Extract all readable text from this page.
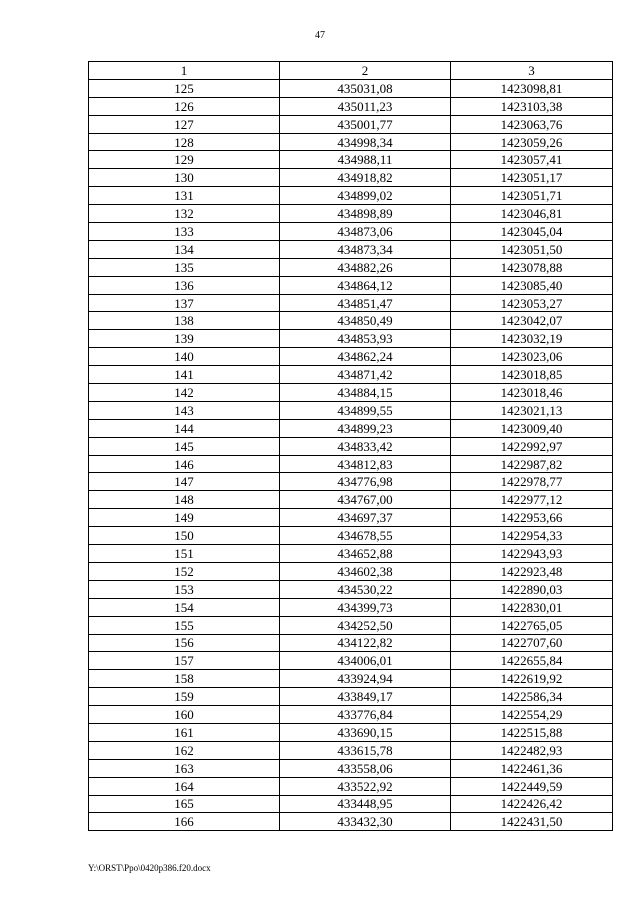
47
1	2	3
125	435031,08	1423098,81
126	435011,23	1423103,38
127	435001,77	1423063,76
128	434998,34	1423059,26
129	434988,11	1423057,41
130	434918,82	1423051,17
131	434899,02	1423051,71
132	434898,89	1423046,81
133	434873,06	1423045,04
134	434873,34	1423051,50
135	434882,26	1423078,88
136	434864,12	1423085,40
137	434851,47	1423053,27
138	434850,49	1423042,07
139	434853,93	1423032,19
140	434862,24	1423023,06
141	434871,42	1423018,85
142	434884,15	1423018,46
143	434899,55	1423021,13
144	434899,23	1423009,40
145	434833,42	1422992,97
146	434812,83	1422987,82
147	434776,98	1422978,77
148	434767,00	1422977,12
149	434697,37	1422953,66
150	434678,55	1422954,33
151	434652,88	1422943,93
152	434602,38	1422923,48
153	434530,22	1422890,03
154	434399,73	1422830,01
155	434252,50	1422765,05
156	434122,82	1422707,60
157	434006,01	1422655,84
158	433924,94	1422619,92
159	433849,17	1422586,34
160	433776,84	1422554,29
161	433690,15	1422515,88
162	433615,78	1422482,93
163	433558,06	1422461,36
164	433522,92	1422449,59
165	433448,95	1422426,42
166	433432,30	1422431,50
Y:\ORST\Ppo\0420p386.f20.docx
